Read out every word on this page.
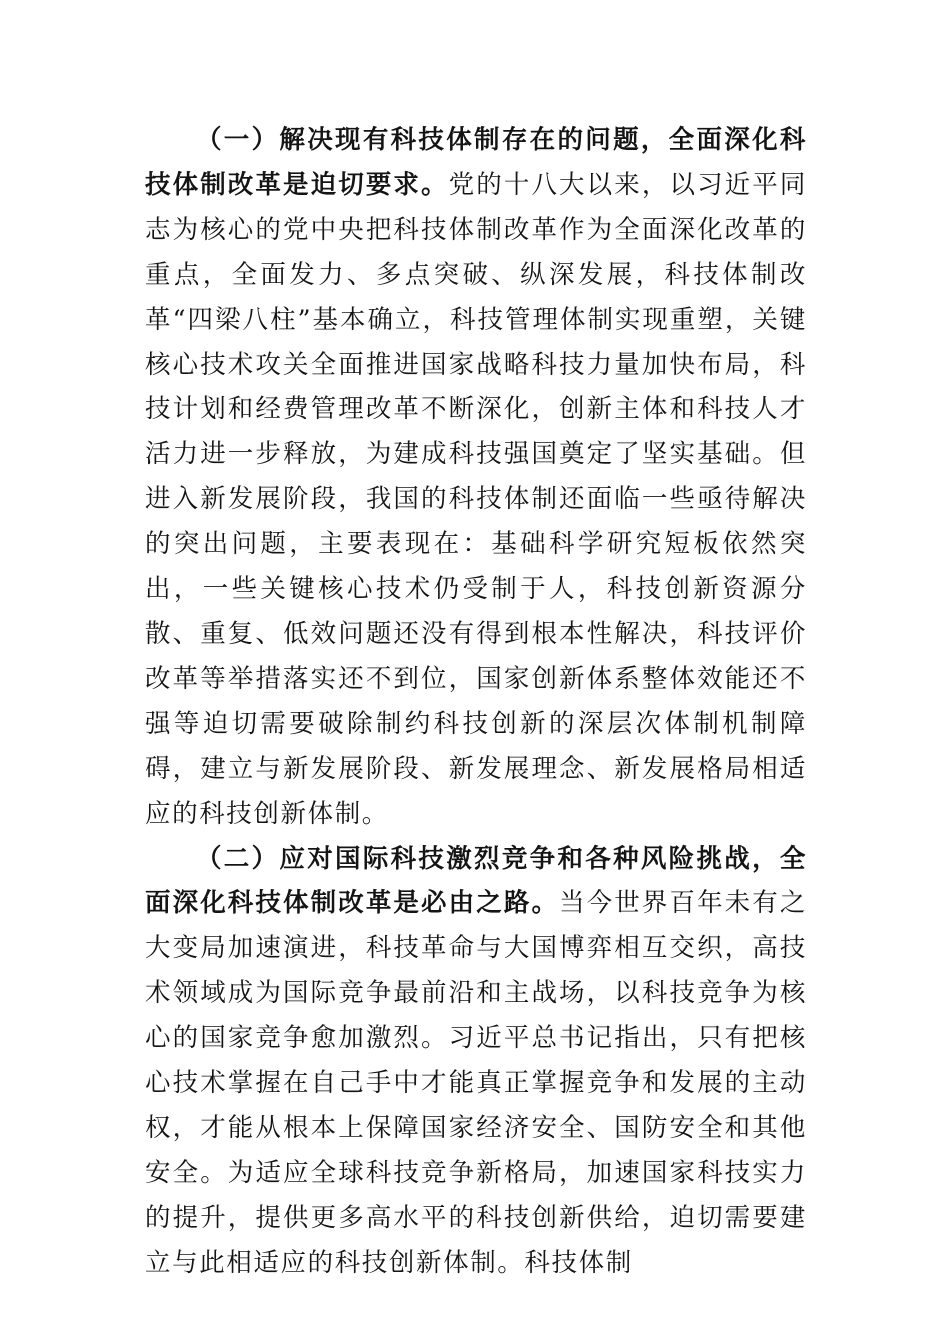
（一）解决现有科技体制存在的问题，全面深化科技体制改革是迫切要求。党的十八大以来，以习近平同志为核心的党中央把科技体制改革作为全面深化改革的重点，全面发力、多点突破、纵深发展，科技体制改革“四梁八柱”基本确立，科技管理体制实现重塑，关键核心技术攻关全面推进国家战略科技力量加快布局，科技计划和经费管理改革不断深化，创新主体和科技人才活力进一步释放，为建成科技强国奠定了坚实基础。但进入新发展阶段，我国的科技体制还面临一些亟待解决的突出问题，主要表现在：基础科学研究短板依然突出，一些关键核心技术仍受制于人，科技创新资源分散、重复、低效问题还没有得到根本性解决，科技评价改革等举措落实还不到位，国家创新体系整体效能还不强等迫切需要破除制约科技创新的深层次体制机制障碍，建立与新发展阶段、新发展理念、新发展格局相适应的科技创新体制。

（二）应对国际科技激烈竞争和各种风险挑战，全面深化科技体制改革是必由之路。当今世界百年未有之大变局加速演进，科技革命与大国博弈相互交织，高技术领域成为国际竞争最前沿和主战场，以科技竞争为核心的国家竞争愈加激烈。习近平总书记指出，只有把核心技术掌握在自己手中才能真正掌握竞争和发展的主动权，才能从根本上保障国家经济安全、国防安全和其他安全。为适应全球科技竞争新格局，加速国家科技实力的提升，提供更多高水平的科技创新供给，迫切需要建立与此相适应的科技创新体制。科技体制
